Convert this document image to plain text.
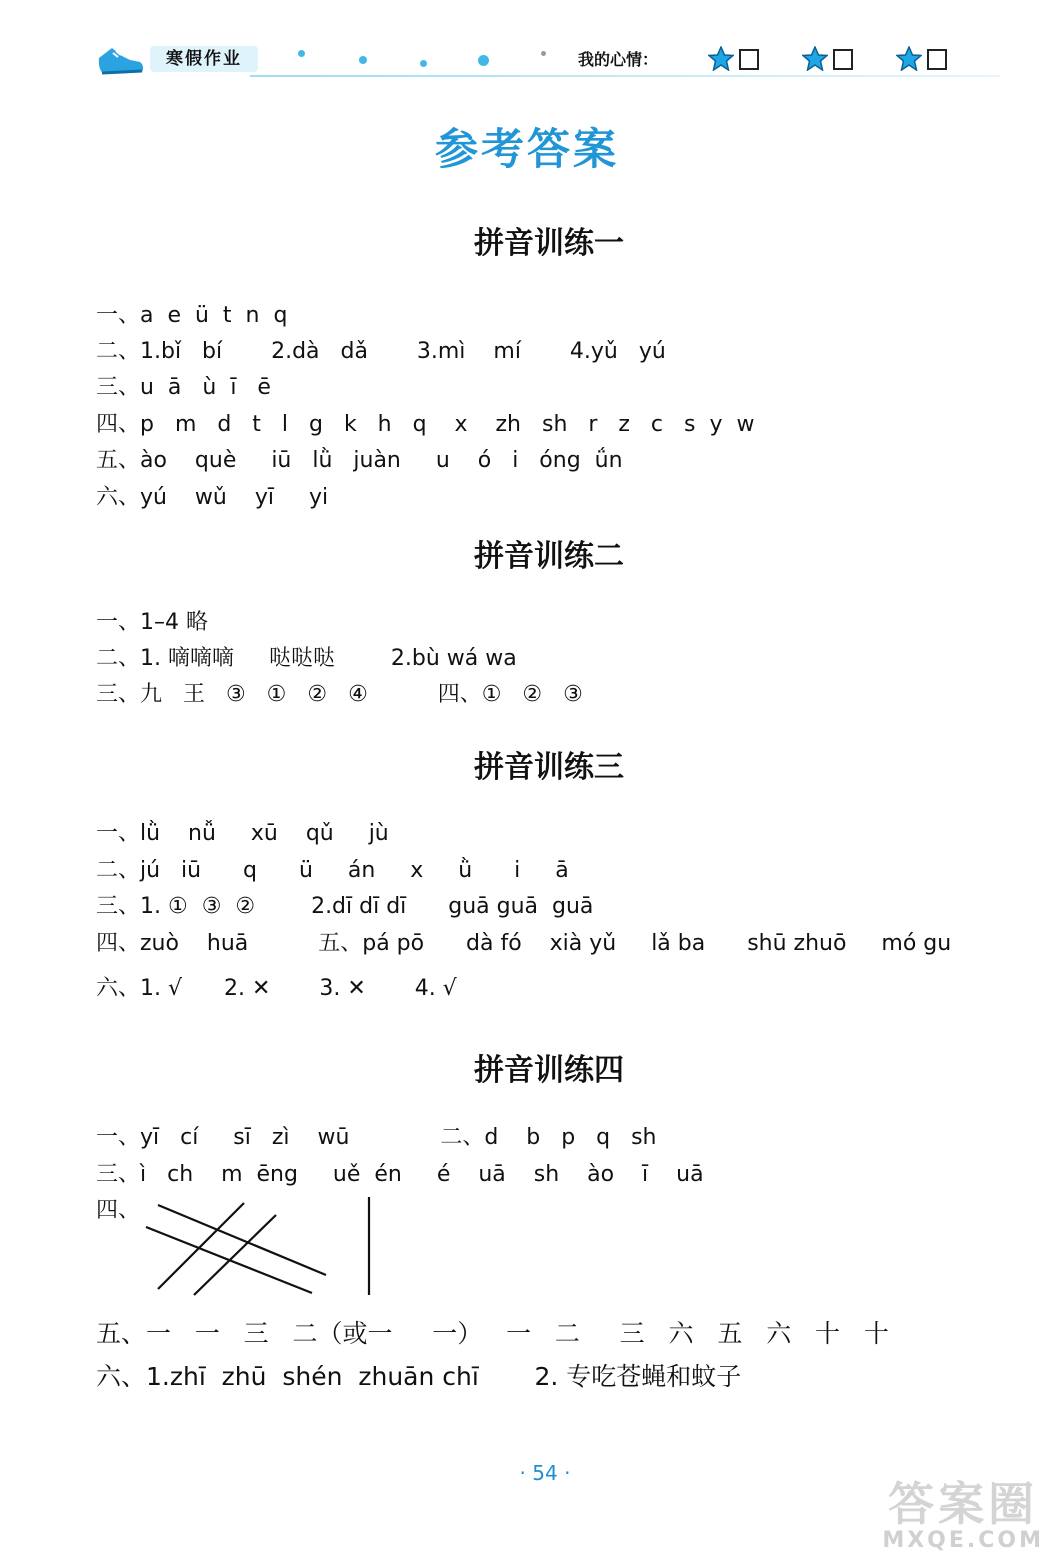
寒假作业	我的心情：
参考答案
拼音训练一
一、a  e  ü  t  n  q
二、1.bǐ   bí       2.dà   dǎ       3.mì    mí       4.yǔ   yú
三、u  ā   ù  ī   ē
四、p   m   d   t   l   g   k   h   q    x    zh   sh   r   z   c   s  y  w
五、ào    què     iū   lǜ   juàn     u    ó   i   óng  ǘn
六、yú    wǔ    yī     yi
拼音训练二
一、1–4 略
二、1. 嘀嘀嘀     哒哒哒        2.bù wá wa
三、九   王   ③   ①   ②   ④          四、①   ②   ③
拼音训练三
一、lǜ    nǚ     xū    qǔ     jù
二、jú   iū      q      ü     án     x     ǜ      i     ā
三、1. ①  ③  ②        2.dī dī dī      guā guā  guā
四、zuò    huā          五、pá pō      dà fó    xià yǔ     lǎ ba      shū zhuō     mó gu
六、1. √      2. ✕       3. ✕       4. √
拼音训练四
一、yī   cí     sī   zì    wū             二、d    b   p   q   sh
三、ì   ch    m  ēng     uě  én     é    uā    sh    ào    ī    uā
四、
五、一   一   三   二（或一     一）   一   二     三   六   五   六   十   十
六、1.zhī  zhū  shén  zhuān chī       2. 专吃苍蝇和蚊子
· 54 ·
答案圈
MXQE.COM
